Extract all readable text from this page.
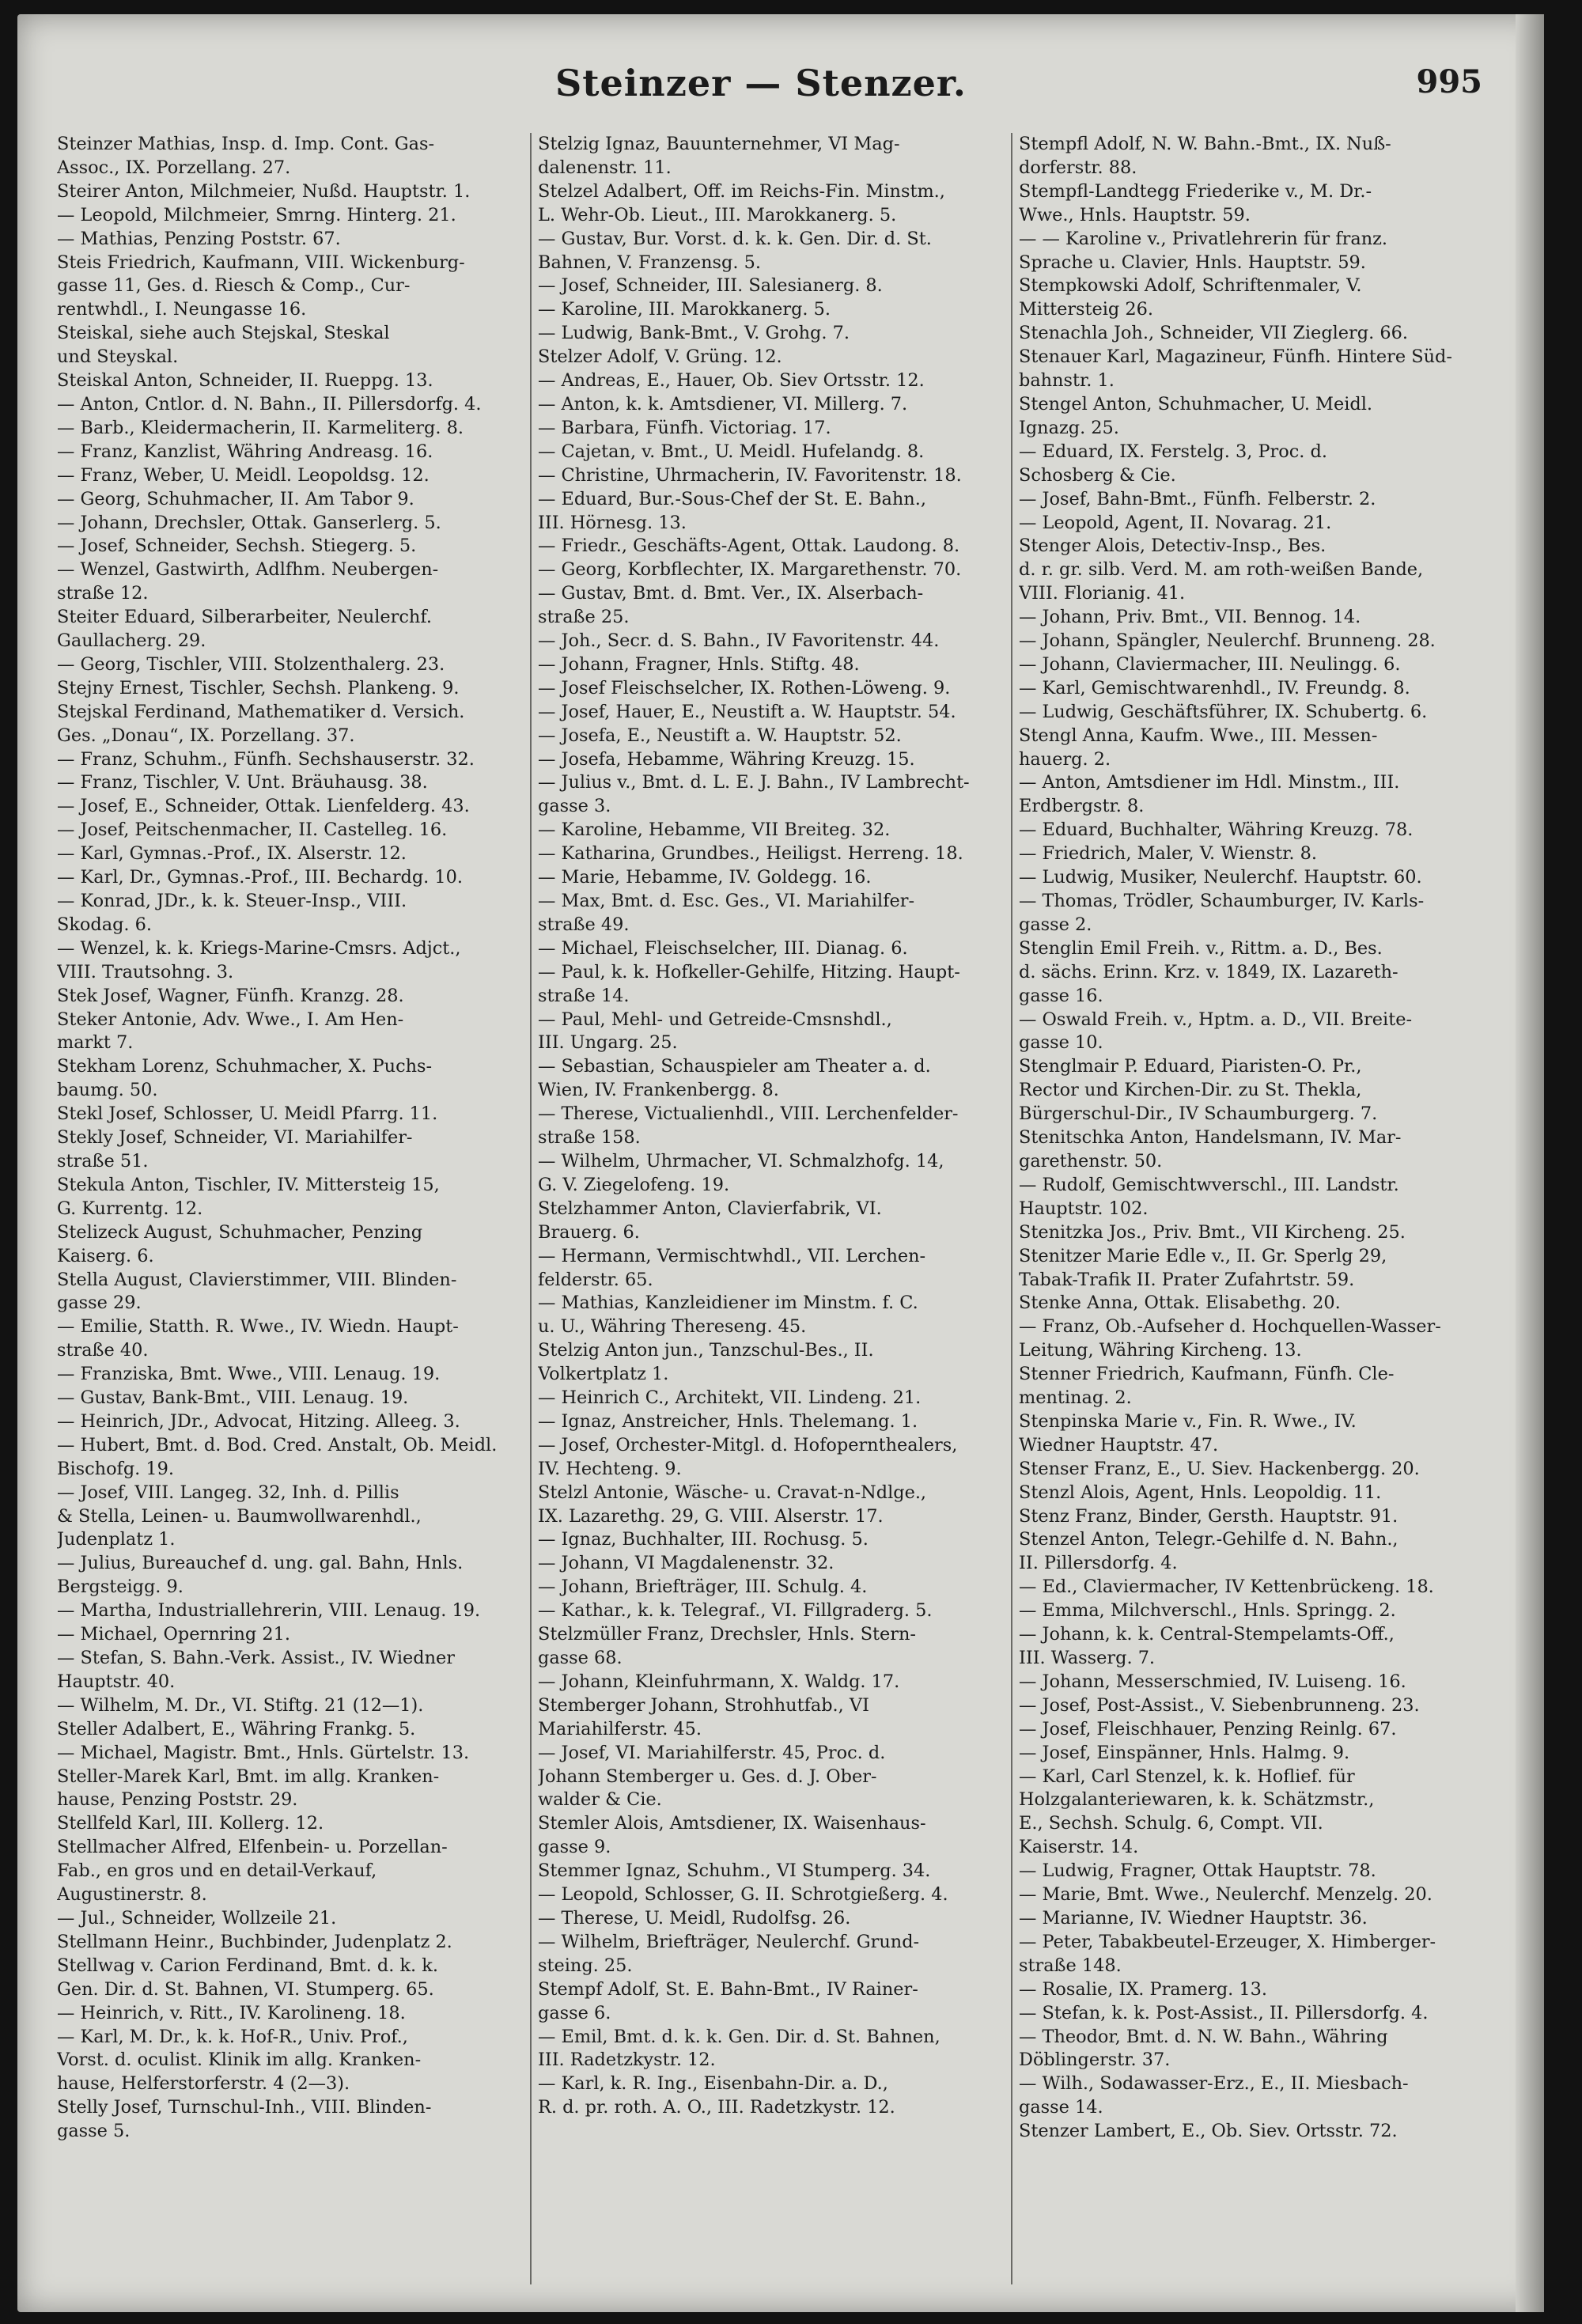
Steinzer — Stenzer.	995
Steinzer Mathias, Insp. d. Imp. Cont. Gas-
Assoc., IX. Porzellang. 27.
Steirer Anton, Milchmeier, Nußd. Hauptstr. 1.
— Leopold, Milchmeier, Smrng. Hinterg. 21.
— Mathias, Penzing Poststr. 67.
Steis Friedrich, Kaufmann, VIII. Wickenburg-
gasse 11, Ges. d. Riesch & Comp., Cur-
rentwhdl., I. Neungasse 16.
Steiskal, siehe auch Stejskal, Steskal
und Steyskal.
Steiskal Anton, Schneider, II. Rueppg. 13.
— Anton, Cntlor. d. N. Bahn., II. Pillersdorfg. 4.
— Barb., Kleidermacherin, II. Karmeliterg. 8.
— Franz, Kanzlist, Währing Andreasg. 16.
— Franz, Weber, U. Meidl. Leopoldsg. 12.
— Georg, Schuhmacher, II. Am Tabor 9.
— Johann, Drechsler, Ottak. Ganserlerg. 5.
— Josef, Schneider, Sechsh. Stiegerg. 5.
— Wenzel, Gastwirth, Adlfhm. Neubergen-
straße 12.
Steiter Eduard, Silberarbeiter, Neulerchf.
Gaullacherg. 29.
— Georg, Tischler, VIII. Stolzenthalerg. 23.
Stejny Ernest, Tischler, Sechsh. Plankeng. 9.
Stejskal Ferdinand, Mathematiker d. Versich.
Ges. „Donau“, IX. Porzellang. 37.
— Franz, Schuhm., Fünfh. Sechshauserstr. 32.
— Franz, Tischler, V. Unt. Bräuhausg. 38.
— Josef, E., Schneider, Ottak. Lienfelderg. 43.
— Josef, Peitschenmacher, II. Castelleg. 16.
— Karl, Gymnas.-Prof., IX. Alserstr. 12.
— Karl, Dr., Gymnas.-Prof., III. Bechardg. 10.
— Konrad, JDr., k. k. Steuer-Insp., VIII.
Skodag. 6.
— Wenzel, k. k. Kriegs-Marine-Cmsrs. Adjct.,
VIII. Trautsohng. 3.
Stek Josef, Wagner, Fünfh. Kranzg. 28.
Steker Antonie, Adv. Wwe., I. Am Hen-
markt 7.
Stekham Lorenz, Schuhmacher, X. Puchs-
baumg. 50.
Stekl Josef, Schlosser, U. Meidl Pfarrg. 11.
Stekly Josef, Schneider, VI. Mariahilfer-
straße 51.
Stekula Anton, Tischler, IV. Mittersteig 15,
G. Kurrentg. 12.
Stelizeck August, Schuhmacher, Penzing
Kaiserg. 6.
Stella August, Clavierstimmer, VIII. Blinden-
gasse 29.
— Emilie, Statth. R. Wwe., IV. Wiedn. Haupt-
straße 40.
— Franziska, Bmt. Wwe., VIII. Lenaug. 19.
— Gustav, Bank-Bmt., VIII. Lenaug. 19.
— Heinrich, JDr., Advocat, Hitzing. Alleeg. 3.
— Hubert, Bmt. d. Bod. Cred. Anstalt, Ob. Meidl.
Bischofg. 19.
— Josef, VIII. Langeg. 32, Inh. d. Pillis
& Stella, Leinen- u. Baumwollwarenhdl.,
Judenplatz 1.
— Julius, Bureauchef d. ung. gal. Bahn, Hnls.
Bergsteigg. 9.
— Martha, Industriallehrerin, VIII. Lenaug. 19.
— Michael, Opernring 21.
— Stefan, S. Bahn.-Verk. Assist., IV. Wiedner
Hauptstr. 40.
— Wilhelm, M. Dr., VI. Stiftg. 21 (12—1).
Steller Adalbert, E., Währing Frankg. 5.
— Michael, Magistr. Bmt., Hnls. Gürtelstr. 13.
Steller-Marek Karl, Bmt. im allg. Kranken-
hause, Penzing Poststr. 29.
Stellfeld Karl, III. Kollerg. 12.
Stellmacher Alfred, Elfenbein- u. Porzellan-
Fab., en gros und en detail-Verkauf,
Augustinerstr. 8.
— Jul., Schneider, Wollzeile 21.
Stellmann Heinr., Buchbinder, Judenplatz 2.
Stellwag v. Carion Ferdinand, Bmt. d. k. k.
Gen. Dir. d. St. Bahnen, VI. Stumperg. 65.
— Heinrich, v. Ritt., IV. Karolineng. 18.
— Karl, M. Dr., k. k. Hof-R., Univ. Prof.,
Vorst. d. oculist. Klinik im allg. Kranken-
hause, Helferstorferstr. 4 (2—3).
Stelly Josef, Turnschul-Inh., VIII. Blinden-
gasse 5.
Stelzig Ignaz, Bauunternehmer, VI Mag-
dalenenstr. 11.
Stelzel Adalbert, Off. im Reichs-Fin. Minstm.,
L. Wehr-Ob. Lieut., III. Marokkanerg. 5.
— Gustav, Bur. Vorst. d. k. k. Gen. Dir. d. St.
Bahnen, V. Franzensg. 5.
— Josef, Schneider, III. Salesianerg. 8.
— Karoline, III. Marokkanerg. 5.
— Ludwig, Bank-Bmt., V. Grohg. 7.
Stelzer Adolf, V. Grüng. 12.
— Andreas, E., Hauer, Ob. Siev Ortsstr. 12.
— Anton, k. k. Amtsdiener, VI. Millerg. 7.
— Barbara, Fünfh. Victoriag. 17.
— Cajetan, v. Bmt., U. Meidl. Hufelandg. 8.
— Christine, Uhrmacherin, IV. Favoritenstr. 18.
— Eduard, Bur.-Sous-Chef der St. E. Bahn.,
III. Hörnesg. 13.
— Friedr., Geschäfts-Agent, Ottak. Laudong. 8.
— Georg, Korbflechter, IX. Margarethenstr. 70.
— Gustav, Bmt. d. Bmt. Ver., IX. Alserbach-
straße 25.
— Joh., Secr. d. S. Bahn., IV Favoritenstr. 44.
— Johann, Fragner, Hnls. Stiftg. 48.
— Josef Fleischselcher, IX. Rothen-Löweng. 9.
— Josef, Hauer, E., Neustift a. W. Hauptstr. 54.
— Josefa, E., Neustift a. W. Hauptstr. 52.
— Josefa, Hebamme, Währing Kreuzg. 15.
— Julius v., Bmt. d. L. E. J. Bahn., IV Lambrecht-
gasse 3.
— Karoline, Hebamme, VII Breiteg. 32.
— Katharina, Grundbes., Heiligst. Herreng. 18.
— Marie, Hebamme, IV. Goldegg. 16.
— Max, Bmt. d. Esc. Ges., VI. Mariahilfer-
straße 49.
— Michael, Fleischselcher, III. Dianag. 6.
— Paul, k. k. Hofkeller-Gehilfe, Hitzing. Haupt-
straße 14.
— Paul, Mehl- und Getreide-Cmsnshdl.,
III. Ungarg. 25.
— Sebastian, Schauspieler am Theater a. d.
Wien, IV. Frankenbergg. 8.
— Therese, Victualienhdl., VIII. Lerchenfelder-
straße 158.
— Wilhelm, Uhrmacher, VI. Schmalzhofg. 14,
G. V. Ziegelofeng. 19.
Stelzhammer Anton, Clavierfabrik, VI.
Brauerg. 6.
— Hermann, Vermischtwhdl., VII. Lerchen-
felderstr. 65.
— Mathias, Kanzleidiener im Minstm. f. C.
u. U., Währing Thereseng. 45.
Stelzig Anton jun., Tanzschul-Bes., II.
Volkertplatz 1.
— Heinrich C., Architekt, VII. Lindeng. 21.
— Ignaz, Anstreicher, Hnls. Thelemang. 1.
— Josef, Orchester-Mitgl. d. Hofopernthealers,
IV. Hechteng. 9.
Stelzl Antonie, Wäsche- u. Cravat-n-Ndlge.,
IX. Lazarethg. 29, G. VIII. Alserstr. 17.
— Ignaz, Buchhalter, III. Rochusg. 5.
— Johann, VI Magdalenenstr. 32.
— Johann, Briefträger, III. Schulg. 4.
— Kathar., k. k. Telegraf., VI. Fillgraderg. 5.
Stelzmüller Franz, Drechsler, Hnls. Stern-
gasse 68.
— Johann, Kleinfuhrmann, X. Waldg. 17.
Stemberger Johann, Strohhutfab., VI
Mariahilferstr. 45.
— Josef, VI. Mariahilferstr. 45, Proc. d.
Johann Stemberger u. Ges. d. J. Ober-
walder & Cie.
Stemler Alois, Amtsdiener, IX. Waisenhaus-
gasse 9.
Stemmer Ignaz, Schuhm., VI Stumperg. 34.
— Leopold, Schlosser, G. II. Schrotgießerg. 4.
— Therese, U. Meidl, Rudolfsg. 26.
— Wilhelm, Briefträger, Neulerchf. Grund-
steing. 25.
Stempf Adolf, St. E. Bahn-Bmt., IV Rainer-
gasse 6.
— Emil, Bmt. d. k. k. Gen. Dir. d. St. Bahnen,
III. Radetzkystr. 12.
— Karl, k. R. Ing., Eisenbahn-Dir. a. D.,
R. d. pr. roth. A. O., III. Radetzkystr. 12.
Stempfl Adolf, N. W. Bahn.-Bmt., IX. Nuß-
dorferstr. 88.
Stempfl-Landtegg Friederike v., M. Dr.-
Wwe., Hnls. Hauptstr. 59.
— — Karoline v., Privatlehrerin für franz.
Sprache u. Clavier, Hnls. Hauptstr. 59.
Stempkowski Adolf, Schriftenmaler, V.
Mittersteig 26.
Stenachla Joh., Schneider, VII Zieglerg. 66.
Stenauer Karl, Magazineur, Fünfh. Hintere Süd-
bahnstr. 1.
Stengel Anton, Schuhmacher, U. Meidl.
Ignazg. 25.
— Eduard, IX. Ferstelg. 3, Proc. d.
Schosberg & Cie.
— Josef, Bahn-Bmt., Fünfh. Felberstr. 2.
— Leopold, Agent, II. Novarag. 21.
Stenger Alois, Detectiv-Insp., Bes.
d. r. gr. silb. Verd. M. am roth-weißen Bande,
VIII. Florianig. 41.
— Johann, Priv. Bmt., VII. Bennog. 14.
— Johann, Spängler, Neulerchf. Brunneng. 28.
— Johann, Claviermacher, III. Neulingg. 6.
— Karl, Gemischtwarenhdl., IV. Freundg. 8.
— Ludwig, Geschäftsführer, IX. Schubertg. 6.
Stengl Anna, Kaufm. Wwe., III. Messen-
hauerg. 2.
— Anton, Amtsdiener im Hdl. Minstm., III.
Erdbergstr. 8.
— Eduard, Buchhalter, Währing Kreuzg. 78.
— Friedrich, Maler, V. Wienstr. 8.
— Ludwig, Musiker, Neulerchf. Hauptstr. 60.
— Thomas, Trödler, Schaumburger, IV. Karls-
gasse 2.
Stenglin Emil Freih. v., Rittm. a. D., Bes.
d. sächs. Erinn. Krz. v. 1849, IX. Lazareth-
gasse 16.
— Oswald Freih. v., Hptm. a. D., VII. Breite-
gasse 10.
Stenglmair P. Eduard, Piaristen-O. Pr.,
Rector und Kirchen-Dir. zu St. Thekla,
Bürgerschul-Dir., IV Schaumburgerg. 7.
Stenitschka Anton, Handelsmann, IV. Mar-
garethenstr. 50.
— Rudolf, Gemischtwverschl., III. Landstr.
Hauptstr. 102.
Stenitzka Jos., Priv. Bmt., VII Kircheng. 25.
Stenitzer Marie Edle v., II. Gr. Sperlg 29,
Tabak-Trafik II. Prater Zufahrtstr. 59.
Stenke Anna, Ottak. Elisabethg. 20.
— Franz, Ob.-Aufseher d. Hochquellen-Wasser-
Leitung, Währing Kircheng. 13.
Stenner Friedrich, Kaufmann, Fünfh. Cle-
mentinag. 2.
Stenpinska Marie v., Fin. R. Wwe., IV.
Wiedner Hauptstr. 47.
Stenser Franz, E., U. Siev. Hackenbergg. 20.
Stenzl Alois, Agent, Hnls. Leopoldig. 11.
Stenz Franz, Binder, Gersth. Hauptstr. 91.
Stenzel Anton, Telegr.-Gehilfe d. N. Bahn.,
II. Pillersdorfg. 4.
— Ed., Claviermacher, IV Kettenbrückeng. 18.
— Emma, Milchverschl., Hnls. Springg. 2.
— Johann, k. k. Central-Stempelamts-Off.,
III. Wasserg. 7.
— Johann, Messerschmied, IV. Luiseng. 16.
— Josef, Post-Assist., V. Siebenbrunneng. 23.
— Josef, Fleischhauer, Penzing Reinlg. 67.
— Josef, Einspänner, Hnls. Halmg. 9.
— Karl, Carl Stenzel, k. k. Hoflief. für
Holzgalanteriewaren, k. k. Schätzmstr.,
E., Sechsh. Schulg. 6, Compt. VII.
Kaiserstr. 14.
— Ludwig, Fragner, Ottak Hauptstr. 78.
— Marie, Bmt. Wwe., Neulerchf. Menzelg. 20.
— Marianne, IV. Wiedner Hauptstr. 36.
— Peter, Tabakbeutel-Erzeuger, X. Himberger-
straße 148.
— Rosalie, IX. Pramerg. 13.
— Stefan, k. k. Post-Assist., II. Pillersdorfg. 4.
— Theodor, Bmt. d. N. W. Bahn., Währing
Döblingerstr. 37.
— Wilh., Sodawasser-Erz., E., II. Miesbach-
gasse 14.
Stenzer Lambert, E., Ob. Siev. Ortsstr. 72.
